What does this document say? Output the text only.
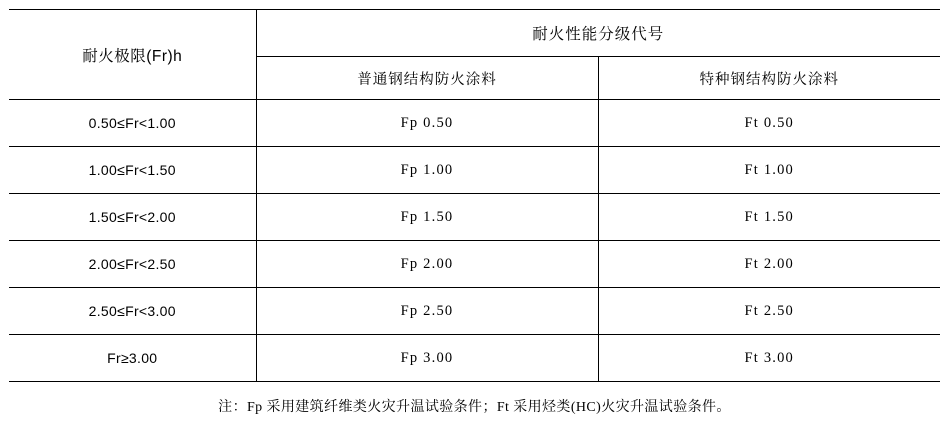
耐火极限(Fr)h	耐火性能分级代号	
	普通钢结构防火涂料	特种钢结构防火涂料
0.50≤Fr<1.00	Fp 0.50	Ft 0.50
1.00≤Fr<1.50	Fp 1.00	Ft 1.00
1.50≤Fr<2.00	Fp 1.50	Ft 1.50
2.00≤Fr<2.50	Fp 2.00	Ft 2.00
2.50≤Fr<3.00	Fp 2.50	Ft 2.50
Fr≥3.00	Fp 3.00	Ft 3.00
注：Fp 采用建筑纤维类火灾升温试验条件；Ft 采用烃类(HC)火灾升温试验条件。
